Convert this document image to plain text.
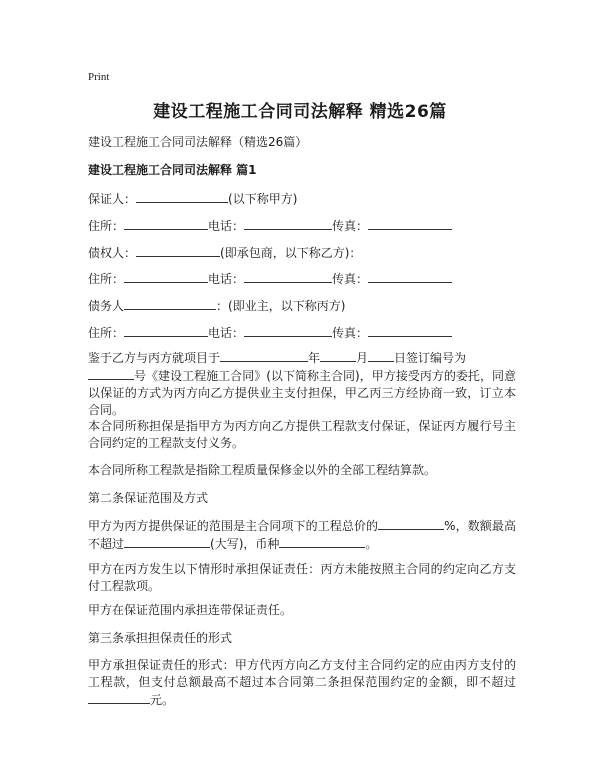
Print
建设工程施工合同司法解释 精选26篇
建设工程施工合同司法解释（精选26篇）
建设工程施工合同司法解释 篇1
保证人：	(以下称甲方)
住所：	电话：	传真：
债权人：	(即承包商，以下称乙方)：
住所：	电话：	传真：
债务人	：(即业主，以下称丙方)
住所：	电话：	传真：
鉴于乙方与丙方就项目于	年	月 日签订编号为
号《建设工程施工合同》(以下简称主合同)，甲方接受丙方的委托，同意以保证的方式为丙方向乙方提供业主支付担保，甲乙丙三方经协商一致，订立本合同。
本合同所称担保是指甲方为丙方向乙方提供工程款支付保证，保证丙方履行号主合同约定的工程款支付义务。
本合同所称工程款是指除工程质量保修金以外的全部工程结算款。
第二条保证范围及方式
甲方为丙方提供保证的范围是主合同项下的工程总价的	%，数额最高不超过	(大写)，币种	。
甲方在丙方发生以下情形时承担保证责任：丙方未能按照主合同的约定向乙方支付工程款项。
甲方在保证范围内承担连带保证责任。
第三条承担担保责任的形式
甲方承担保证责任的形式：甲方代丙方向乙方支付主合同约定的应由丙方支付的工程款，但支付总额最高不超过本合同第二条担保范围约定的金额，即不超过元。
